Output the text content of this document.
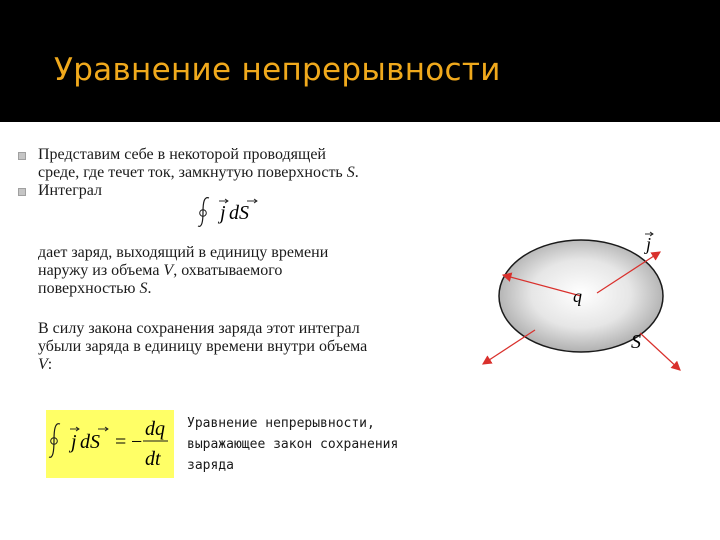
Уравнение непрерывности
Представим себе в некоторой проводящей
среде, где течет ток, замкнутую поверхность S.
Интеграл
j dS
дает заряд, выходящий в единицу времени
наружу из объема V, охватываемого
поверхностью S.
В силу закона сохранения заряда этот интеграл
убыли заряда в единицу времени внутри объема
V:
j dS = −
dq
dt
Уравнение непрерывности,
выражающее закон сохранения
заряда
j
q
S
